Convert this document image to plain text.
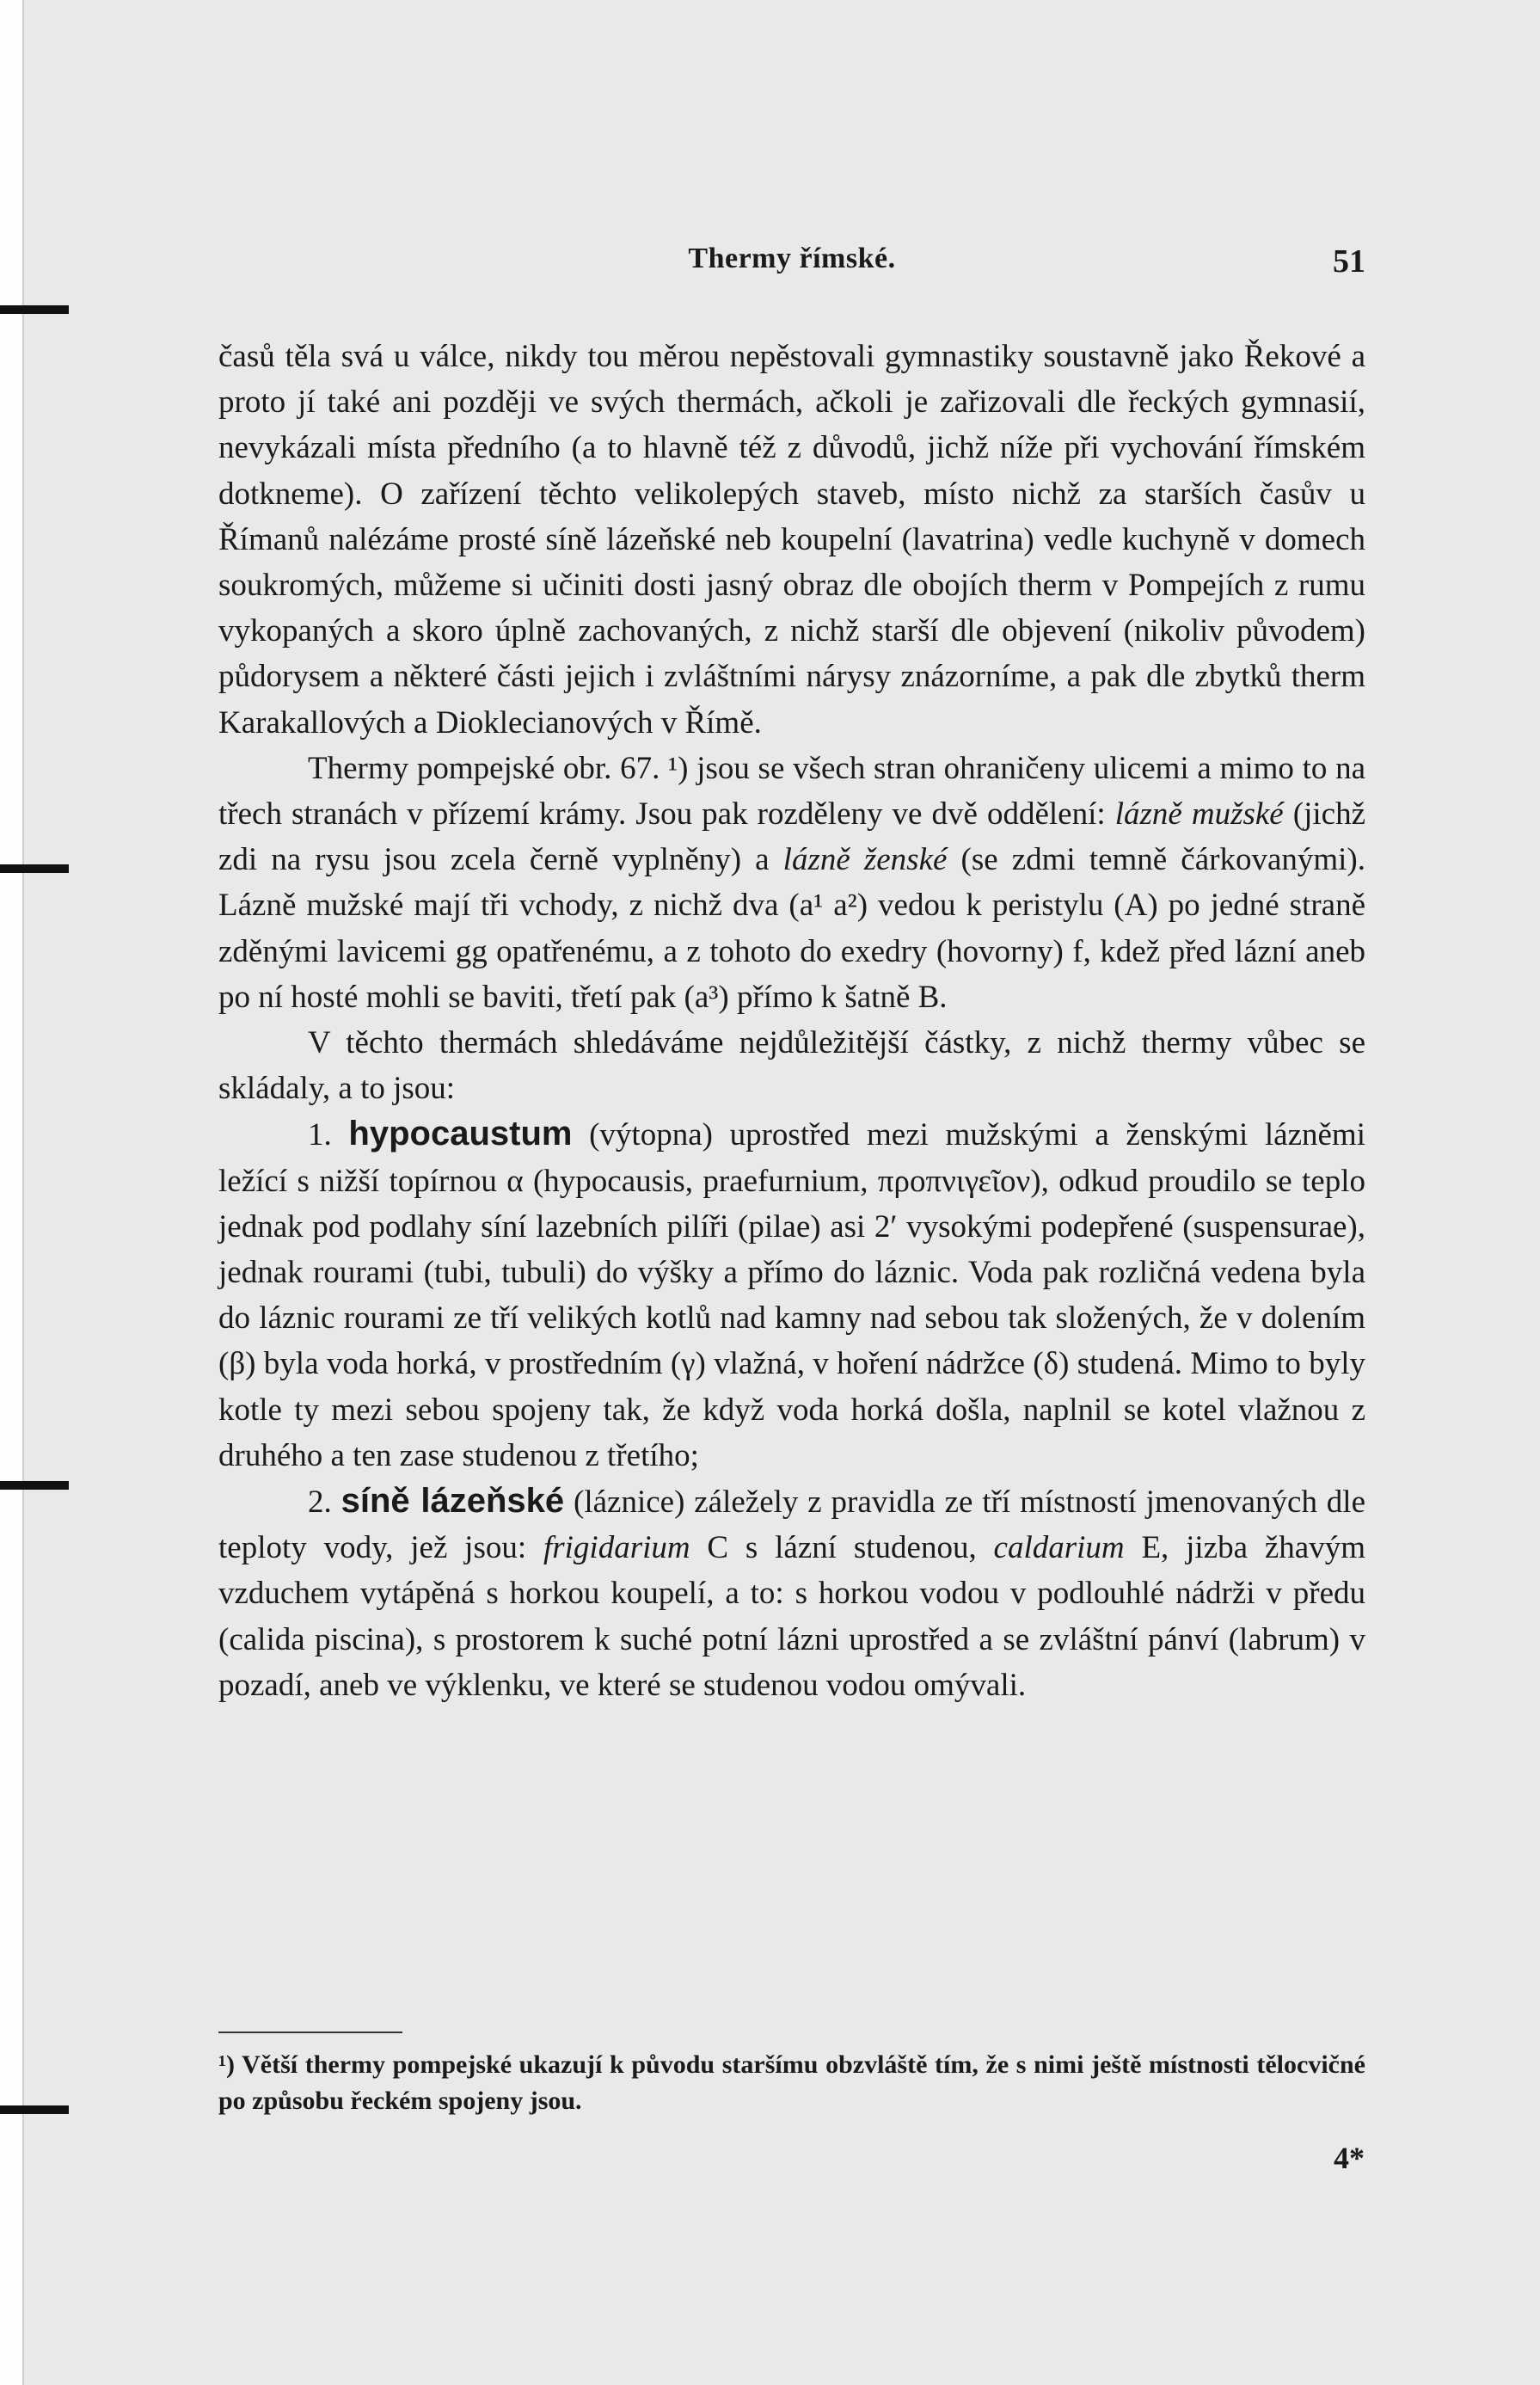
Thermy římské.	51

časů těla svá u válce, nikdy tou měrou nepěstovali gymnastiky soustavně jako Řekové a proto jí také ani později ve svých thermách, ačkoli je zařizovali dle řeckých gymnasií, nevykázali místa předního (a to hlavně též z důvodů, jichž níže při vychování římském dotkneme). O zařízení těchto velikolepých staveb, místo nichž za starších časův u Římanů nalézáme prosté síně lázeňské neb koupelní (lavatrina) vedle kuchyně v domech soukromých, můžeme si učiniti dosti jasný obraz dle obojích therm v Pompejích z rumu vykopaných a skoro úplně zachovaných, z nichž starší dle objevení (nikoliv původem) půdorysem a některé části jejich i zvláštními nárysy znázorníme, a pak dle zbytků therm Karakallových a Dioklecianových v Římě.

Thermy pompejské obr. 67. ¹) jsou se všech stran ohraničeny ulicemi a mimo to na třech stranách v přízemí krámy. Jsou pak rozděleny ve dvě oddělení: lázně mužské (jichž zdi na rysu jsou zcela černě vyplněny) a lázně ženské (se zdmi temně čárkovanými). Lázně mužské mají tři vchody, z nichž dva (a¹ a²) vedou k peristylu (A) po jedné straně zděnými lavicemi gg opatřenému, a z tohoto do exedry (hovorny) f, kdež před lázní aneb po ní hosté mohli se baviti, třetí pak (a³) přímo k šatně B.

V těchto thermách shledáváme nejdůležitější částky, z nichž thermy vůbec se skládaly, a to jsou:

1. hypocaustum (výtopna) uprostřed mezi mužskými a ženskými lázněmi ležící s nižší topírnou α (hypocausis, praefurnium, προπνιγεῖον), odkud proudilo se teplo jednak pod podlahy síní lazebních pilíři (pilae) asi 2′ vysokými podepřené (suspensurae), jednak rourami (tubi, tubuli) do výšky a přímo do láznic. Voda pak rozličná vedena byla do láznic rourami ze tří velikých kotlů nad kamny nad sebou tak složených, že v dolením (β) byla voda horká, v prostředním (γ) vlažná, v hoření nádržce (δ) studená. Mimo to byly kotle ty mezi sebou spojeny tak, že když voda horká došla, naplnil se kotel vlažnou z druhého a ten zase studenou z třetího;

2. síně lázeňské (láznice) záležely z pravidla ze tří místností jmenovaných dle teploty vody, jež jsou: frigidarium C s lázní studenou, caldarium E, jizba žhavým vzduchem vytápěná s horkou koupelí, a to: s horkou vodou v podlouhlé nádrži v předu (calida piscina), s prostorem k suché potní lázni uprostřed a se zvláštní pánví (labrum) v pozadí, aneb ve výklenku, ve které se studenou vodou omývali.

¹) Větší thermy pompejské ukazují k původu staršímu obzvláště tím, že s nimi ještě místnosti tělocvičné po způsobu řeckém spojeny jsou.
4*
